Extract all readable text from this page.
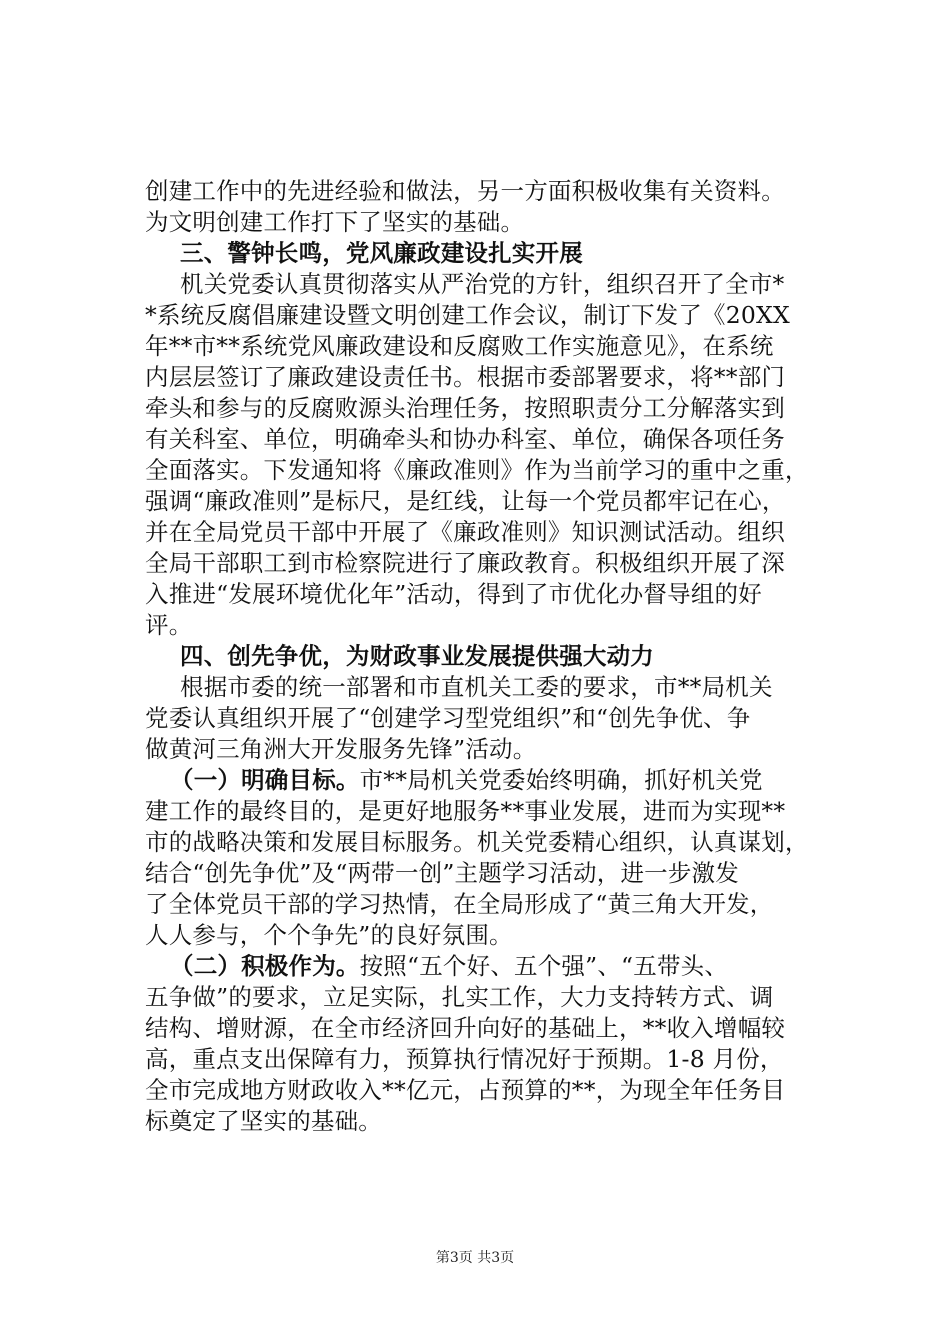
创建工作中的先进经验和做法，另一方面积极收集有关资料。
为文明创建工作打下了坚实的基础。
三、警钟长鸣，党风廉政建设扎实开展
机关党委认真贯彻落实从严治党的方针，组织召开了全市*
*系统反腐倡廉建设暨文明创建工作会议，制订下发了《20XX
年**市**系统党风廉政建设和反腐败工作实施意见》，在系统
内层层签订了廉政建设责任书。根据市委部署要求，将**部门
牵头和参与的反腐败源头治理任务，按照职责分工分解落实到
有关科室、单位，明确牵头和协办科室、单位，确保各项任务
全面落实。下发通知将《廉政准则》作为当前学习的重中之重，
强调“廉政准则”是标尺，是红线，让每一个党员都牢记在心，
并在全局党员干部中开展了《廉政准则》知识测试活动。组织
全局干部职工到市检察院进行了廉政教育。积极组织开展了深
入推进“发展环境优化年”活动，得到了市优化办督导组的好
评。
四、创先争优，为财政事业发展提供强大动力
根据市委的统一部署和市直机关工委的要求，市**局机关
党委认真组织开展了“创建学习型党组织”和“创先争优、争
做黄河三角洲大开发服务先锋”活动。
（一）明确目标。市**局机关党委始终明确，抓好机关党
建工作的最终目的，是更好地服务**事业发展，进而为实现**
市的战略决策和发展目标服务。机关党委精心组织，认真谋划，
结合“创先争优”及“两带一创”主题学习活动，进一步激发
了全体党员干部的学习热情，在全局形成了“黄三角大开发，
人人参与，个个争先”的良好氛围。
（二）积极作为。按照“五个好、五个强”、“五带头、
五争做”的要求，立足实际，扎实工作，大力支持转方式、调
结构、增财源，在全市经济回升向好的基础上，**收入增幅较
高，重点支出保障有力，预算执行情况好于预期。1-8 月份，
全市完成地方财政收入**亿元，占预算的**，为现全年任务目
标奠定了坚实的基础。
第3页 共3页
